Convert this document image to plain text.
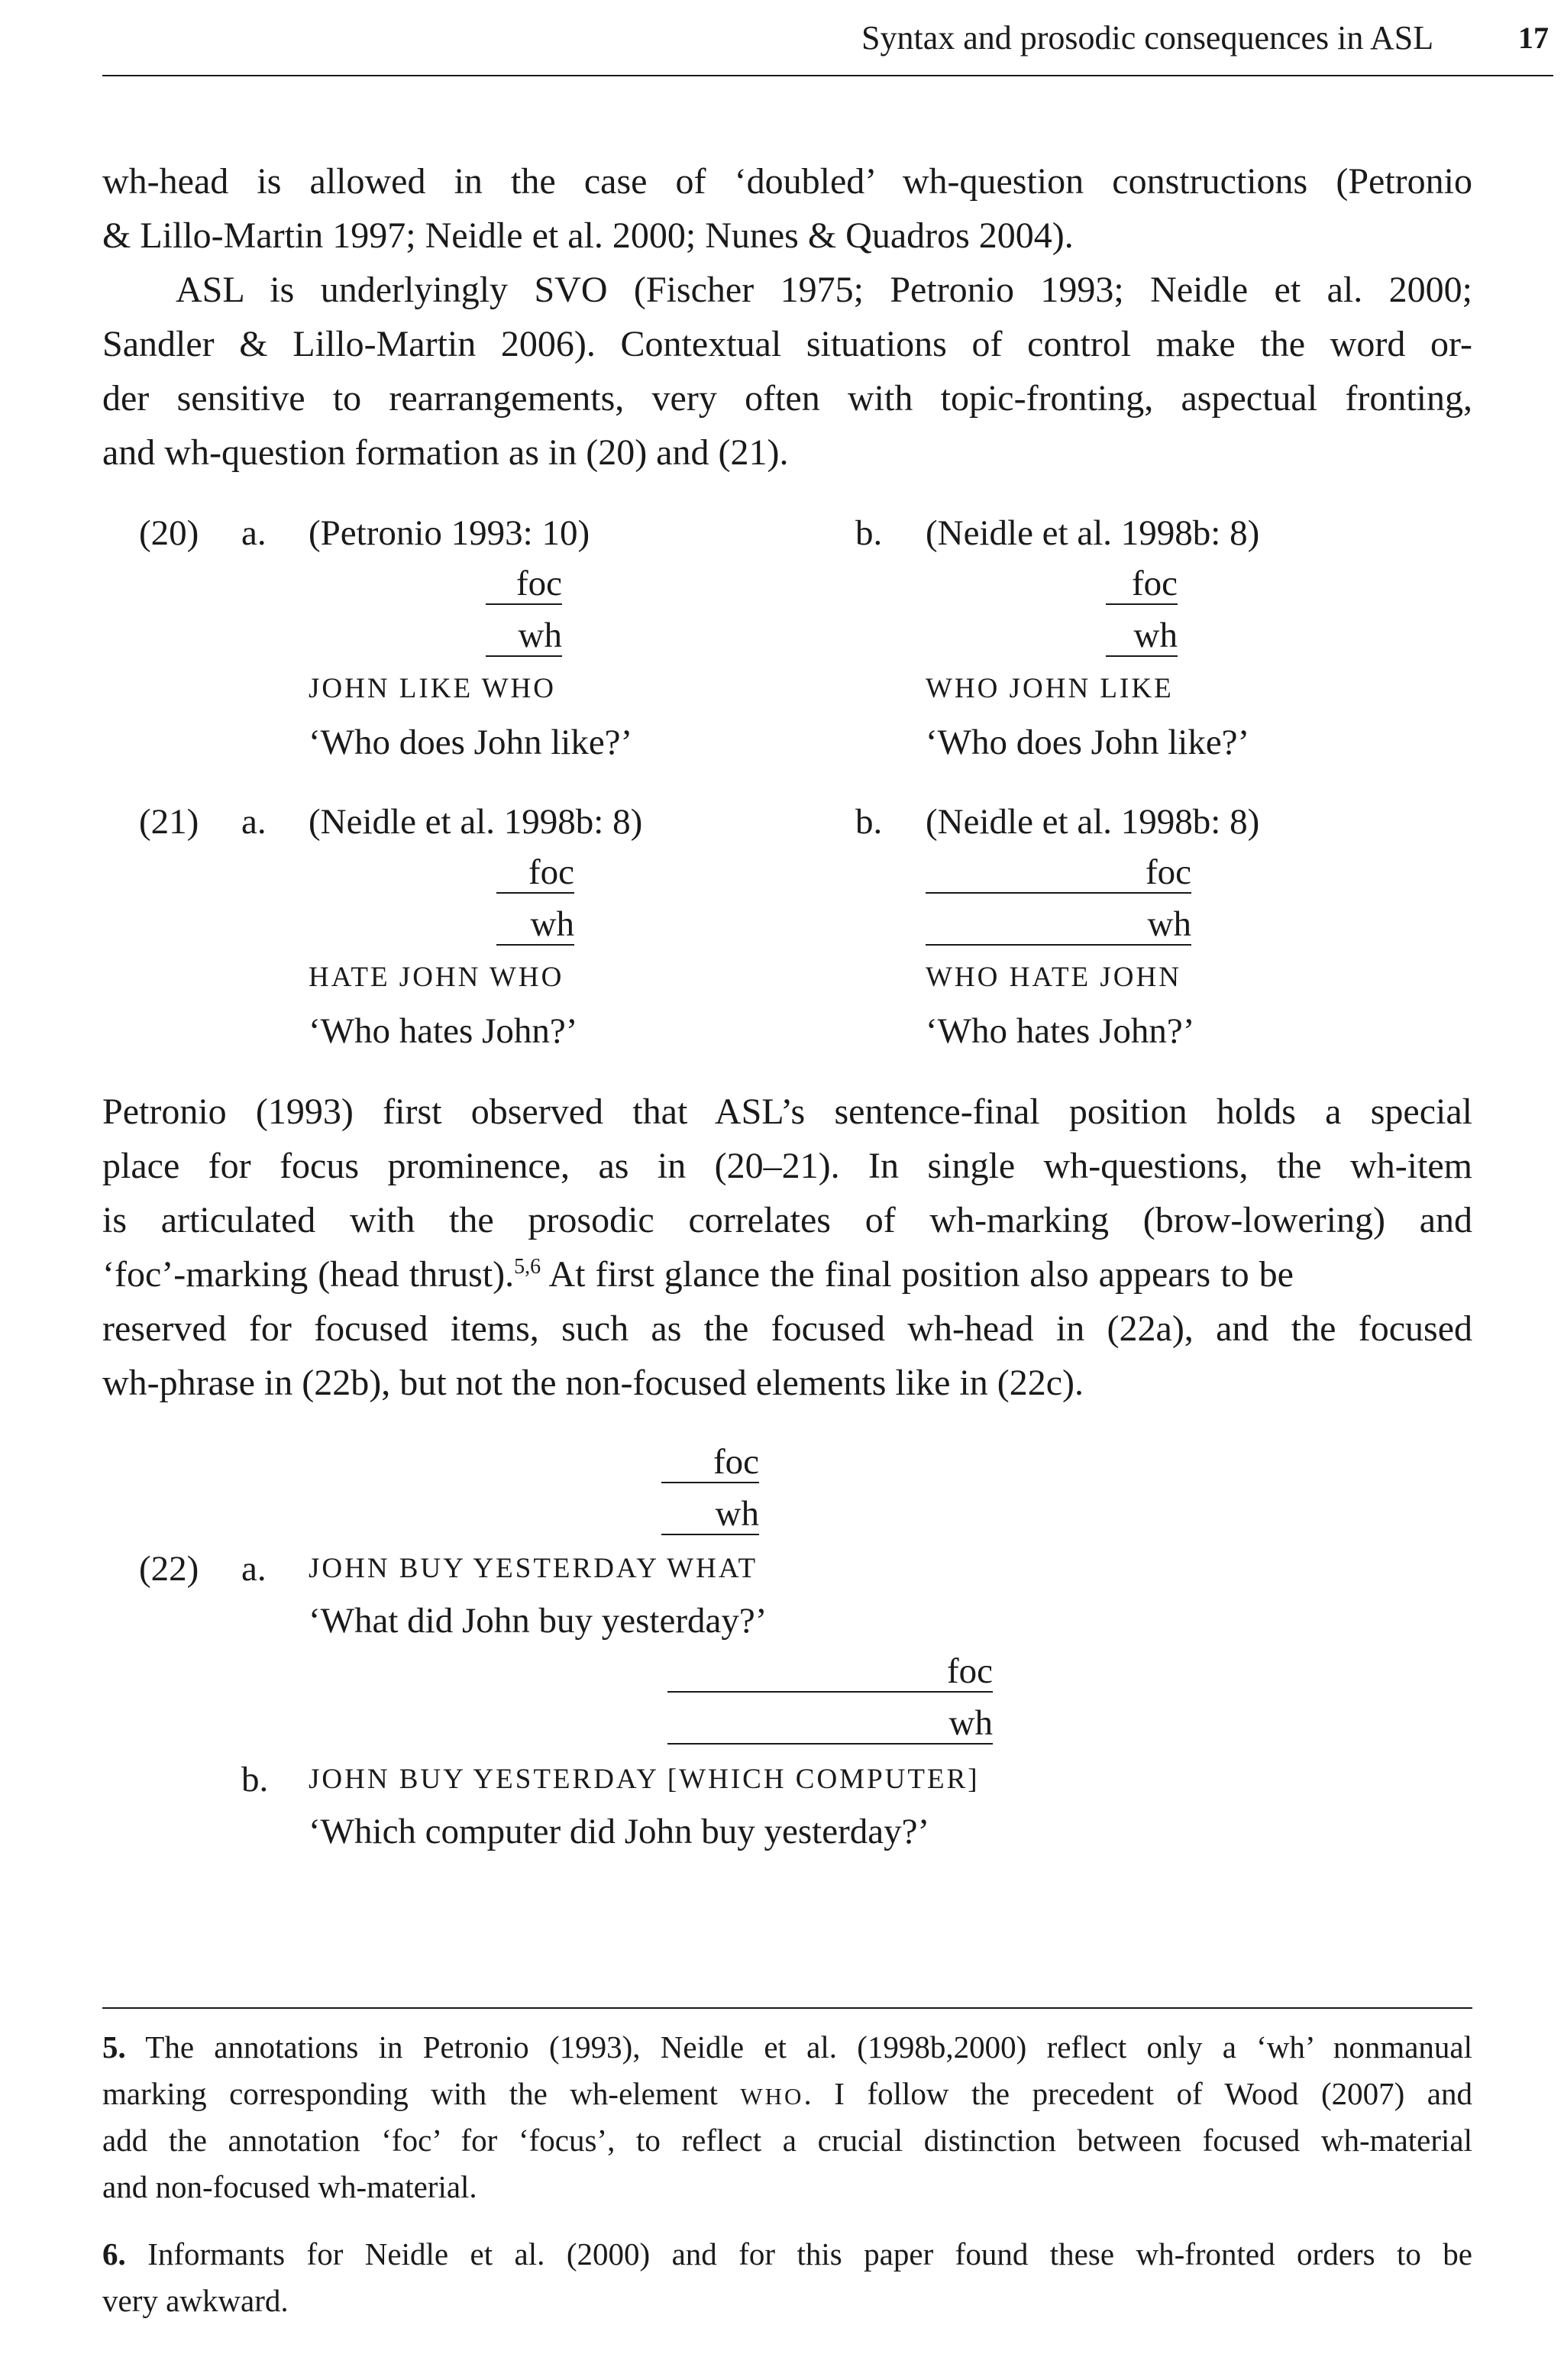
Syntax and prosodic consequences in ASL	17
wh-head is allowed in the case of ‘doubled’ wh-question constructions (Petronio
& Lillo-Martin 1997; Neidle et al. 2000; Nunes & Quadros 2004).
ASL is underlyingly SVO (Fischer 1975; Petronio 1993; Neidle et al. 2000;
Sandler & Lillo-Martin 2006). Contextual situations of control make the word or-
der sensitive to rearrangements, very often with topic-fronting, aspectual fronting,
and wh-question formation as in (20) and (21).
(20) a. (Petronio 1993: 10)
foc
wh
JOHN LIKE WHO
‘Who does John like?’
b. (Neidle et al. 1998b: 8)
foc
wh
WHO JOHN LIKE
‘Who does John like?’
(21) a. (Neidle et al. 1998b: 8)
foc
wh
HATE JOHN WHO
‘Who hates John?’
b. (Neidle et al. 1998b: 8)
foc
wh
WHO HATE JOHN
‘Who hates John?’
Petronio (1993) first observed that ASL’s sentence-final position holds a special
place for focus prominence, as in (20–21). In single wh-questions, the wh-item
is articulated with the prosodic correlates of wh-marking (brow-lowering) and
‘foc’-marking (head thrust).$^{5,6}$ At first glance the final position also appears to be
reserved for focused items, such as the focused wh-head in (22a), and the focused
wh-phrase in (22b), but not the non-focused elements like in (22c).
foc
wh
(22) a. JOHN BUY YESTERDAY WHAT
‘What did John buy yesterday?’
foc
wh
b. JOHN BUY YESTERDAY [WHICH COMPUTER]
‘Which computer did John buy yesterday?’
5. The annotations in Petronio (1993), Neidle et al. (1998b,2000) reflect only a ‘wh’ nonmanual
marking corresponding with the wh-element WHO. I follow the precedent of Wood (2007) and
add the annotation ‘foc’ for ‘focus’, to reflect a crucial distinction between focused wh-material
and non-focused wh-material.
6. Informants for Neidle et al. (2000) and for this paper found these wh-fronted orders to be
very awkward.
